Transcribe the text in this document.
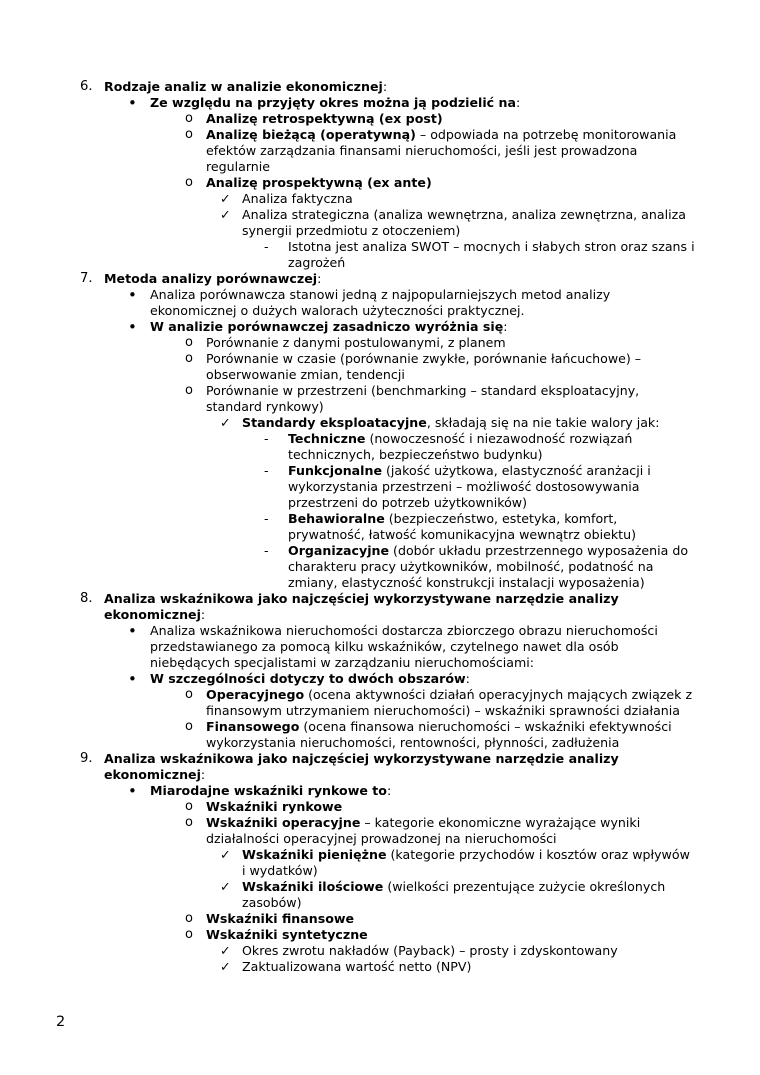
6. Rodzaje analiz w analizie ekonomicznej:
• Ze względu na przyjęty okres można ją podzielić na:
o Analizę retrospektywną (ex post)
o Analizę bieżącą (operatywną) – odpowiada na potrzebę monitorowania
efektów zarządzania finansami nieruchomości, jeśli jest prowadzona
regularnie
o Analizę prospektywną (ex ante)
✓ Analiza faktyczna
✓ Analiza strategiczna (analiza wewnętrzna, analiza zewnętrzna, analiza
synergii przedmiotu z otoczeniem)
- Istotna jest analiza SWOT – mocnych i słabych stron oraz szans i
zagrożeń
7. Metoda analizy porównawczej:
• Analiza porównawcza stanowi jedną z najpopularniejszych metod analizy
ekonomicznej o dużych walorach użyteczności praktycznej.
• W analizie porównawczej zasadniczo wyróżnia się:
o Porównanie z danymi postulowanymi, z planem
o Porównanie w czasie (porównanie zwykłe, porównanie łańcuchowe) –
obserwowanie zmian, tendencji
o Porównanie w przestrzeni (benchmarking – standard eksploatacyjny,
standard rynkowy)
✓ Standardy eksploatacyjne, składają się na nie takie walory jak:
- Techniczne (nowoczesność i niezawodność rozwiązań
technicznych, bezpieczeństwo budynku)
- Funkcjonalne (jakość użytkowa, elastyczność aranżacji i
wykorzystania przestrzeni – możliwość dostosowywania
przestrzeni do potrzeb użytkowników)
- Behawioralne (bezpieczeństwo, estetyka, komfort,
prywatność, łatwość komunikacyjna wewnątrz obiektu)
- Organizacyjne (dobór układu przestrzennego wyposażenia do
charakteru pracy użytkowników, mobilność, podatność na
zmiany, elastyczność konstrukcji instalacji wyposażenia)
8. Analiza wskaźnikowa jako najczęściej wykorzystywane narzędzie analizy
ekonomicznej:
• Analiza wskaźnikowa nieruchomości dostarcza zbiorczego obrazu nieruchomości
przedstawianego za pomocą kilku wskaźników, czytelnego nawet dla osób
niebędących specjalistami w zarządzaniu nieruchomościami:
• W szczególności dotyczy to dwóch obszarów:
o Operacyjnego (ocena aktywności działań operacyjnych mających związek z
finansowym utrzymaniem nieruchomości) – wskaźniki sprawności działania
o Finansowego (ocena finansowa nieruchomości – wskaźniki efektywności
wykorzystania nieruchomości, rentowności, płynności, zadłużenia
9. Analiza wskaźnikowa jako najczęściej wykorzystywane narzędzie analizy
ekonomicznej:
• Miarodajne wskaźniki rynkowe to:
o Wskaźniki rynkowe
o Wskaźniki operacyjne – kategorie ekonomiczne wyrażające wyniki
działalności operacyjnej prowadzonej na nieruchomości
✓ Wskaźniki pieniężne (kategorie przychodów i kosztów oraz wpływów
i wydatków)
✓ Wskaźniki ilościowe (wielkości prezentujące zużycie określonych
zasobów)
o Wskaźniki finansowe
o Wskaźniki syntetyczne
✓ Okres zwrotu nakładów (Payback) – prosty i zdyskontowany
✓ Zaktualizowana wartość netto (NPV)
2
